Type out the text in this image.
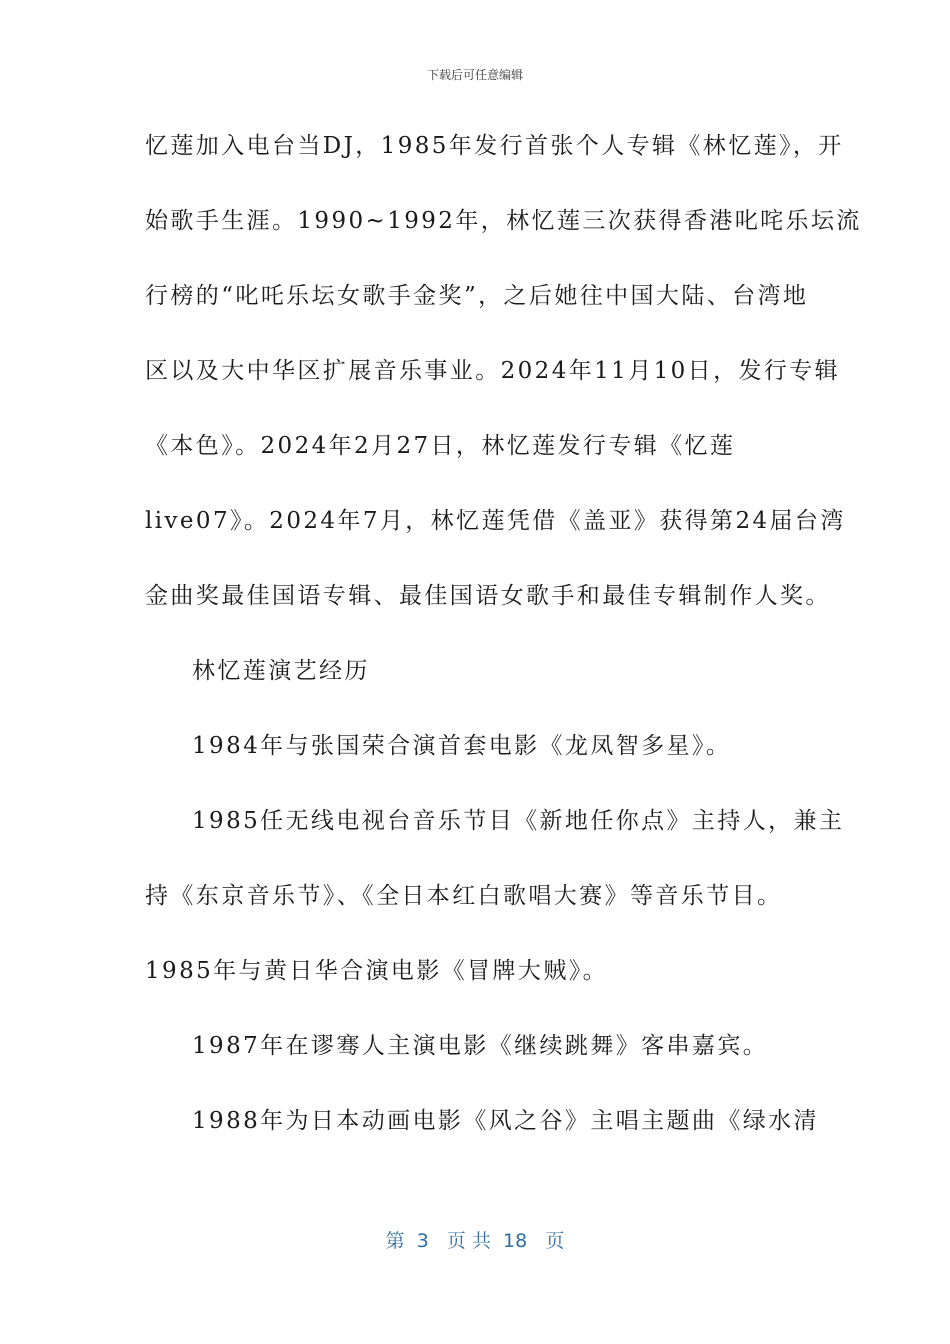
下载后可任意编辑
忆莲加入电台当DJ，1985年发行首张个人专辑《林忆莲》，开
始歌手生涯。1990~1992年，林忆莲三次获得香港叱咤乐坛流
行榜的“叱吒乐坛女歌手金奖”，之后她往中国大陆、台湾地
区以及大中华区扩展音乐事业。2024年11月10日，发行专辑
《本色》。2024年2月27日，林忆莲发行专辑《忆莲
live07》。2024年7月，林忆莲凭借《盖亚》获得第24届台湾
金曲奖最佳国语专辑、最佳国语女歌手和最佳专辑制作人奖。
林忆莲演艺经历
1984年与张国荣合演首套电影《龙凤智多星》。
1985任无线电视台音乐节目《新地任你点》主持人，兼主
持《东京音乐节》、《全日本红白歌唱大赛》等音乐节目。
1985年与黄日华合演电影《冒牌大贼》。
1987年在谬骞人主演电影《继续跳舞》客串嘉宾。
1988年为日本动画电影《风之谷》主唱主题曲《绿水清
第  3   页 共  18   页
